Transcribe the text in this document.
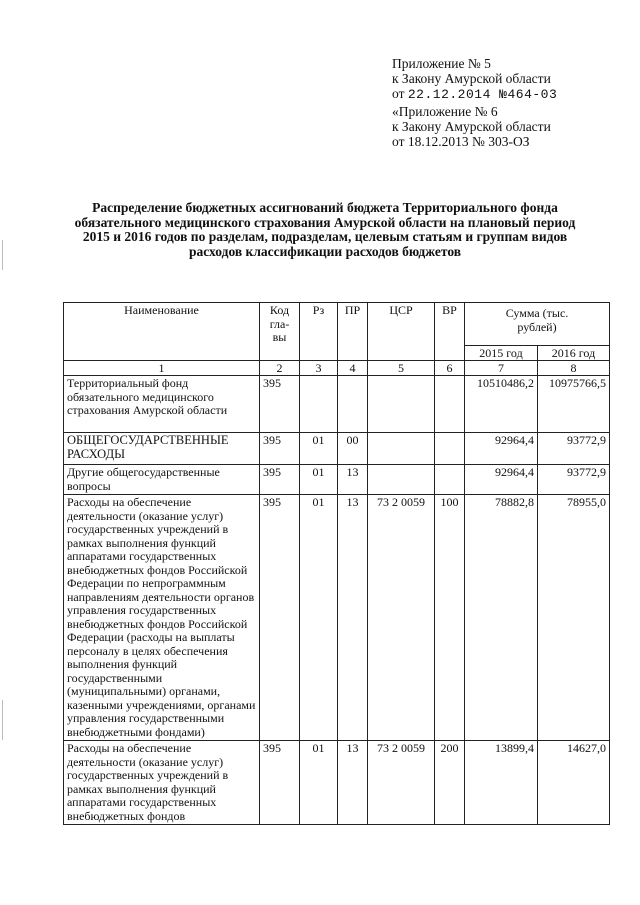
Приложение № 5
к Закону Амурской области
от 22.12.2014 №464-03
«Приложение № 6
к Закону Амурской области
от 18.12.2013 № 303-ОЗ
Распределение бюджетных ассигнований бюджета Территориального фонда обязательного медицинского страхования Амурской области на плановый период 2015 и 2016 годов по разделам, подразделам, целевым статьям и группам видов расходов классификации расходов бюджетов
Наименование	Код гла-вы	Рз	ПР	ЦСР	ВР	Сумма (тыс. рублей)	
						2015 год	2016 год
1	2	3	4	5	6	7	8
Территориальный фонд обязательного медицинского страхования Амурской области	395					10510486,2	10975766,5
ОБЩЕГОСУДАРСТВЕННЫЕ РАСХОДЫ	395	01	00			92964,4	93772,9
Другие общегосударственные вопросы	395	01	13			92964,4	93772,9
Расходы на обеспечение деятельности (оказание услуг) государственных учреждений в рамках выполнения функций аппаратами государственных внебюджетных фондов Российской Федерации по непрограммным направлениям деятельности органов управления государственных внебюджетных фондов Российской Федерации (расходы на выплаты персоналу в целях обеспечения выполнения функций государственными (муниципальными) органами, казенными учреждениями, органами управления государственными внебюджетными фондами)	395	01	13	73 2 0059	100	78882,8	78955,0
Расходы на обеспечение деятельности (оказание услуг) государственных учреждений в рамках выполнения функций аппаратами государственных внебюджетных фондов	395	01	13	73 2 0059	200	13899,4	14627,0
